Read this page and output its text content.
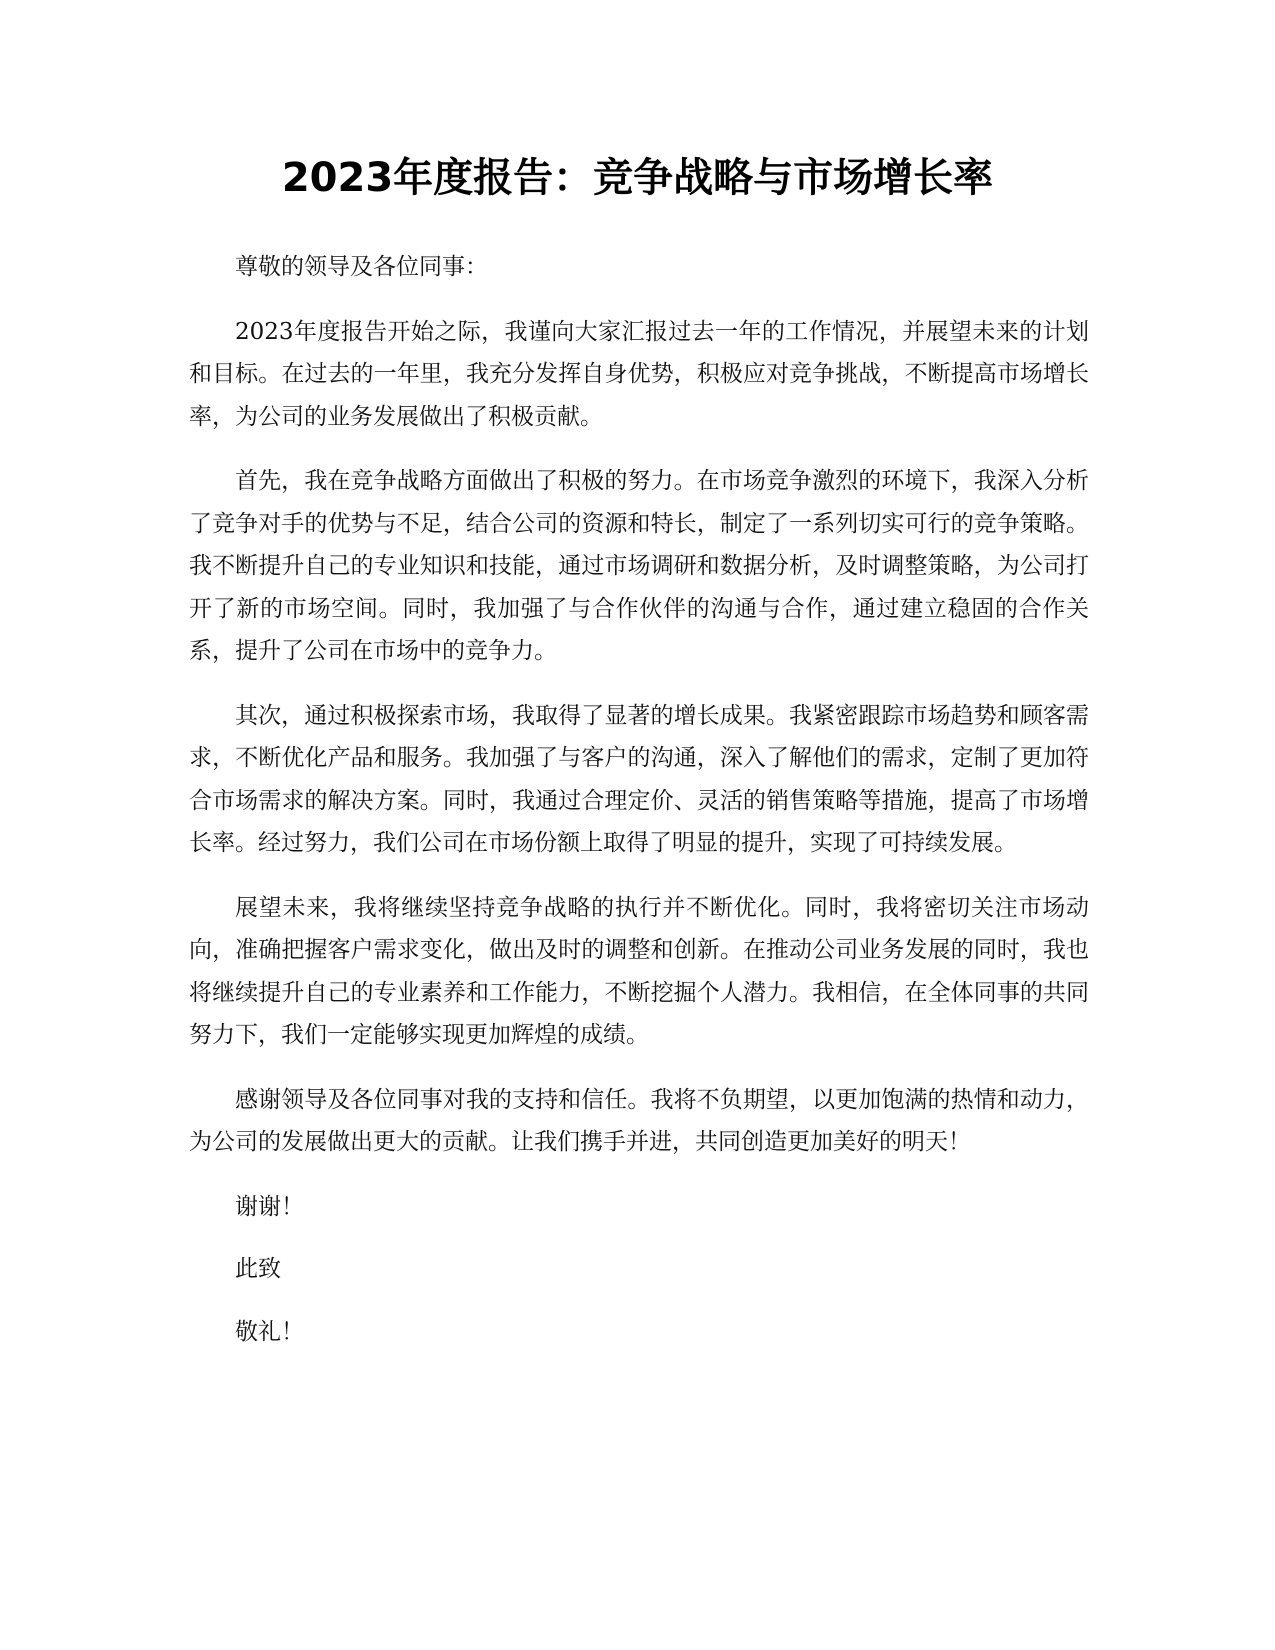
2023年度报告：竞争战略与市场增长率

尊敬的领导及各位同事：

2023年度报告开始之际，我谨向大家汇报过去一年的工作情况，并展望未来的计划和目标。在过去的一年里，我充分发挥自身优势，积极应对竞争挑战，不断提高市场增长率，为公司的业务发展做出了积极贡献。

首先，我在竞争战略方面做出了积极的努力。在市场竞争激烈的环境下，我深入分析了竞争对手的优势与不足，结合公司的资源和特长，制定了一系列切实可行的竞争策略。我不断提升自己的专业知识和技能，通过市场调研和数据分析，及时调整策略，为公司打开了新的市场空间。同时，我加强了与合作伙伴的沟通与合作，通过建立稳固的合作关系，提升了公司在市场中的竞争力。

其次，通过积极探索市场，我取得了显著的增长成果。我紧密跟踪市场趋势和顾客需求，不断优化产品和服务。我加强了与客户的沟通，深入了解他们的需求，定制了更加符合市场需求的解决方案。同时，我通过合理定价、灵活的销售策略等措施，提高了市场增长率。经过努力，我们公司在市场份额上取得了明显的提升，实现了可持续发展。

展望未来，我将继续坚持竞争战略的执行并不断优化。同时，我将密切关注市场动向，准确把握客户需求变化，做出及时的调整和创新。在推动公司业务发展的同时，我也将继续提升自己的专业素养和工作能力，不断挖掘个人潜力。我相信，在全体同事的共同努力下，我们一定能够实现更加辉煌的成绩。

感谢领导及各位同事对我的支持和信任。我将不负期望，以更加饱满的热情和动力，为公司的发展做出更大的贡献。让我们携手并进，共同创造更加美好的明天！

谢谢！

此致

敬礼！
